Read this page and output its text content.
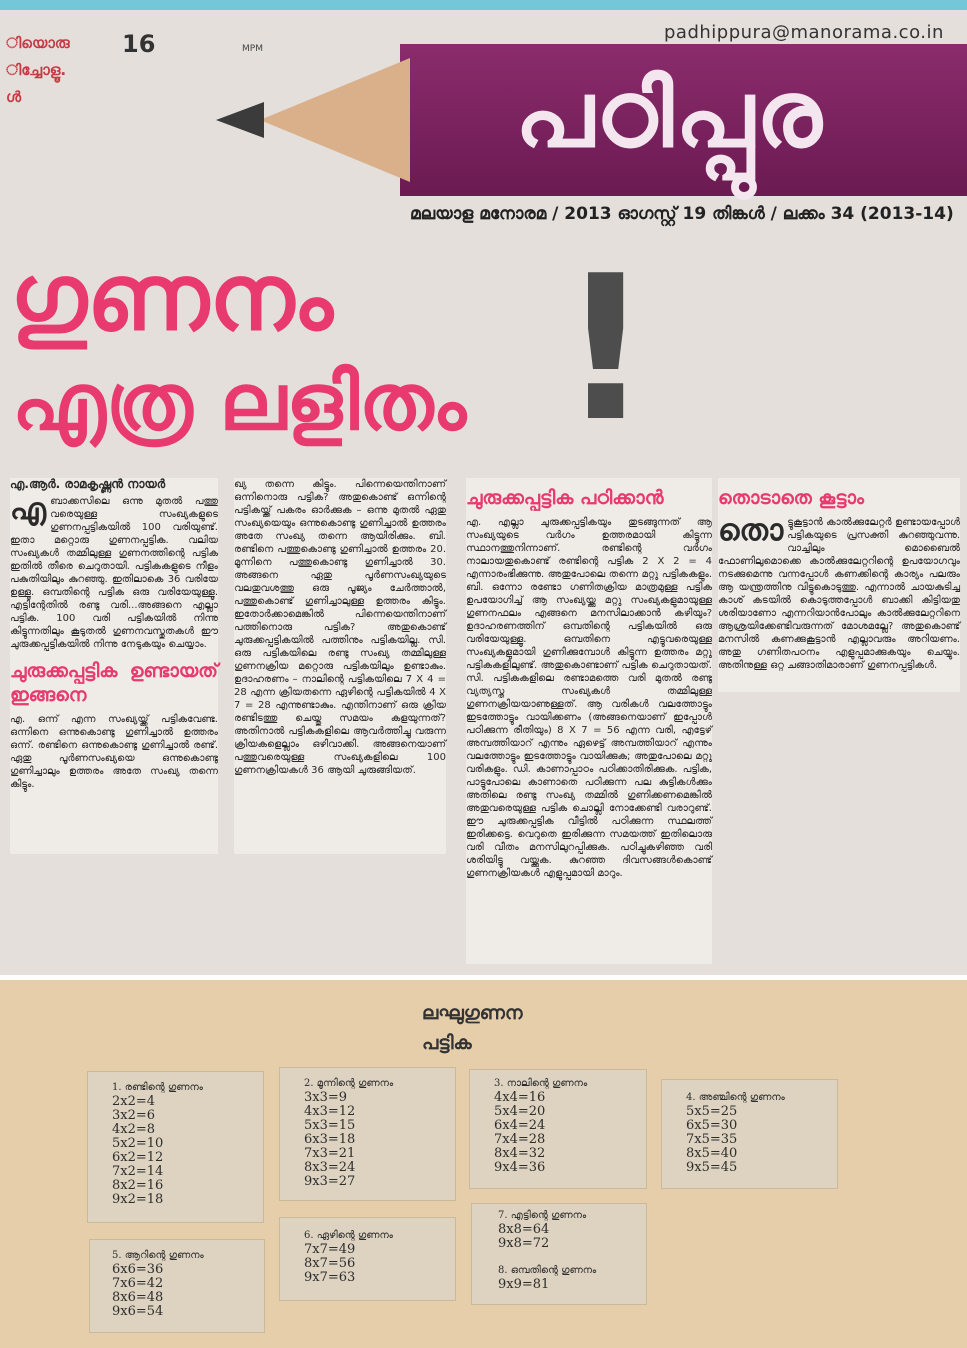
ിയൊരു
ിച്ചോളൂ.
ൾ
16	MPM
padhippura@manorama.co.in
പഠിപ്പുര
മലയാള മനോരമ / 2013 ഓഗസ്റ്റ് 19 തിങ്കൾ / ലക്കം 34 (2013-14)
ഗുണനം
എത്ര ലളിതം !
എ.ആർ. രാമകൃഷ്ണൻ നായർ
എ ബാക്കസിലെ ഒന്നു മുതൽ പത്തു വരെയുള്ള സംഖ്യകളുടെ ഗുണനപ്പട്ടികയിൽ 100 വരിയുണ്ട്. ഇതാ മറ്റൊരു ഗുണനപ്പട്ടിക. വലിയ സംഖ്യകൾ തമ്മിലുള്ള ഗുണനത്തിന്റെ പട്ടിക ഇതിൽ തീരെ ചെറുതായി. പട്ടികകളുടെ നീളം പകുതിയിലും കുറഞ്ഞു. ഇതിലാകെ 36 വരിയേ ഉള്ളൂ. ഒമ്പതിന്റെ പട്ടിക ഒരു വരിയേയുള്ളൂ. എട്ടിന്റേതിൽ രണ്ടു വരി...അങ്ങനെ എല്ലാ പട്ടിക. 100 വരി പട്ടികയിൽ നിന്നു കിട്ടുന്നതിലും കൂടുതൽ ഗുണനവസ്തുതകൾ ഈ ചുരുക്കപ്പട്ടികയിൽ നിന്നു നേടുകയും ചെയ്യാം.
ചുരുക്കപ്പട്ടിക ഉണ്ടായത് ഇങ്ങനെ
എ. ഒന്ന് എന്ന സംഖ്യയ്ക്ക് പട്ടികവേണ്ട. ഒന്നിനെ ഒന്നുകൊണ്ടു ഗുണിച്ചാൽ ഉത്തരം ഒന്ന്. രണ്ടിനെ ഒന്നുകൊണ്ടു ഗുണിച്ചാൽ രണ്ട്. ഏതു പൂർണസംഖ്യയെ ഒന്നുകൊണ്ടു ഗുണിച്ചാലും ഉത്തരം അതേ സംഖ്യ തന്നെ കിട്ടും.
ഖ്യ തന്നെ കിട്ടും. പിന്നെയെന്തിനാണ് ഒന്നിനൊരു പട്ടിക? അതുകൊണ്ട് ഒന്നിന്റെ പട്ടികയ്ക്ക് പകരം ഓർക്കുക – ഒന്നു മുതൽ ഏതു സംഖ്യയെയും ഒന്നുകൊണ്ടു ഗുണിച്ചാൽ ഉത്തരം അതേ സംഖ്യ തന്നെ ആയിരിക്കും. ബി. രണ്ടിനെ പത്തുകൊണ്ടു ഗുണിച്ചാൽ ഉത്തരം 20. മൂന്നിനെ പത്തുകൊണ്ടു ഗുണിച്ചാൽ 30. അങ്ങനെ ഏതു പൂർണസംഖ്യയുടെ വലതുവശത്തു ഒരു പൂജ്യം ചേർത്താൽ, പത്തുകൊണ്ട് ഗുണിച്ചാലുള്ള ഉത്തരം കിട്ടും. ഇതോർക്കാമെങ്കിൽ പിന്നെയെന്തിനാണ് പത്തിനൊരു പട്ടിക? അതുകൊണ്ട് ചുരുക്കപ്പട്ടികയിൽ പത്തിനും പട്ടികയില്ല. സി. ഒരു പട്ടികയിലെ രണ്ടു സംഖ്യ തമ്മിലുള്ള ഗുണനക്രിയ മറ്റൊരു പട്ടികയിലും ഉണ്ടാകും. ഉദാഹരണം – നാലിന്റെ പട്ടികയിലെ 7 X 4 = 28 എന്ന ക്രിയതന്നെ ഏഴിന്റെ പട്ടികയിൽ 4 X 7 = 28 എന്നുണ്ടാകും. എന്തിനാണ് ഒരു ക്രിയ രണ്ടിടത്തു ചെയ്തു സമയം കളയുന്നത്? അതിനാൽ പട്ടികകളിലെ ആവർത്തിച്ചു വരുന്ന ക്രിയകളെല്ലാം ഒഴിവാക്കി. അങ്ങനെയാണ് പത്തുവരെയുള്ള സംഖ്യകളിലെ 100 ഗുണനക്രിയകൾ 36 ആയി ചുരുങ്ങിയത്.
ചുരുക്കപ്പട്ടിക പഠിക്കാൻ
എ. എല്ലാ ചുരുക്കപ്പട്ടികയും തുടങ്ങുന്നത് ആ സംഖ്യയുടെ വർഗം ഉത്തരമായി കിട്ടുന്ന സ്ഥാനത്തുനിന്നാണ്. രണ്ടിന്റെ വർഗം നാലായതുകൊണ്ട് രണ്ടിന്റെ പട്ടിക 2 X 2 = 4 എന്നാരംഭിക്കുന്നു. അതുപോലെ തന്നെ മറ്റു പട്ടികകളും. ബി. ഒന്നോ രണ്ടോ ഗണിതക്രിയ മാത്രമുള്ള പട്ടിക ഉപയോഗിച്ച് ആ സംഖ്യയ്ക്കു മറ്റു സംഖ്യകളുമായുള്ള ഗുണനഫലം എങ്ങനെ മനസിലാക്കാൻ കഴിയും? ഉദാഹരണത്തിന് ഒമ്പതിന്റെ പട്ടികയിൽ ഒരു വരിയേയുള്ളൂ. ഒമ്പതിനെ എട്ടുവരെയുള്ള സംഖ്യകളുമായി ഗുണിക്കുമ്പോൾ കിട്ടുന്ന ഉത്തരം മറ്റു പട്ടികകളിലുണ്ട്. അതുകൊണ്ടാണ് പട്ടിക ചെറുതായത്. സി. പട്ടികകളിലെ രണ്ടാമത്തെ വരി മുതൽ രണ്ടു വ്യത്യസ്ത സംഖ്യകൾ തമ്മിലുള്ള ഗുണനക്രിയയാണുള്ളത്. ആ വരികൾ വലത്തോട്ടും ഇടത്തോട്ടും വായിക്കണം (അങ്ങനെയാണ് ഇപ്പോൾ പഠിക്കുന്ന രീതിയും) 8 X 7 = 56 എന്ന വരി, എട്ടേഴ് അമ്പത്തിയാറ് എന്നും ഏഴെട്ട് അമ്പത്തിയാറ് എന്നും വലത്തോട്ടും ഇടത്തോട്ടും വായിക്കുക; അതുപോലെ മറ്റു വരികളും. ഡി. കാണാപ്പാഠം പഠിക്കാതിരിക്കുക. പട്ടിക, പാട്ടുപോലെ കാണാതെ പഠിക്കുന്ന പല കുട്ടികൾക്കും അതിലെ രണ്ടു സംഖ്യ തമ്മിൽ ഗുണിക്കണമെങ്കിൽ അതുവരെയുള്ള പട്ടിക ചൊല്ലി നോക്കേണ്ടി വരാറുണ്ട്. ഈ ചുരുക്കപ്പട്ടിക വീട്ടിൽ പഠിക്കുന്ന സ്ഥലത്ത് ഇരിക്കട്ടെ. വെറുതെ ഇരിക്കുന്ന സമയത്ത് ഇതിലൊരു വരി വീതം മനസിലുറപ്പിക്കുക. പഠിച്ചുകഴിഞ്ഞ വരി ശരിയിട്ടു വയ്ക്കുക. കുറഞ്ഞ ദിവസങ്ങൾകൊണ്ട് ഗുണനക്രിയകൾ എളുപ്പമായി മാറും.
തൊടാതെ കൂട്ടാം
തൊ ട്ടുകൂട്ടാൻ കാൽക്കുലേറ്റർ ഉണ്ടായപ്പോൾ പട്ടികയുടെ പ്രസക്തി കുറഞ്ഞുവന്നു. വാച്ചിലും മൊബൈൽ ഫോണിലുമൊക്കെ കാൽക്കുലേറ്ററിന്റെ ഉപയോഗവും നടക്കുമെന്നു വന്നപ്പോൾ കണക്കിന്റെ കാര്യം പലരും ആ യന്ത്രത്തിനു വിട്ടുകൊടുത്തു. എന്നാൽ ചായകുടിച്ച കാശ് കടയിൽ കൊടുത്തപ്പോൾ ബാക്കി കിട്ടിയതു ശരിയാണോ എന്നറിയാൻപോലും കാൽക്കുലേറ്ററിനെ ആശ്രയിക്കേണ്ടിവരുന്നത് മോശമല്ലേ? അതുകൊണ്ട് മനസിൽ കണക്കുകൂട്ടാൻ എല്ലാവരും അറിയണം. അതു ഗണിതപഠനം എളുപ്പമാക്കുകയും ചെയ്യും. അതിനുള്ള ഒറ്റ ചങ്ങാതിമാരാണ് ഗുണനപ്പട്ടികൾ.
ലഘുഗുണന
പട്ടിക
1. രണ്ടിന്റെ ഗുണനം
2x2=4
3x2=6
4x2=8
5x2=10
6x2=12
7x2=14
8x2=16
9x2=18
2. മൂന്നിന്റെ ഗുണനം
3x3=9
4x3=12
5x3=15
6x3=18
7x3=21
8x3=24
9x3=27
3. നാലിന്റെ ഗുണനം
4x4=16
5x4=20
6x4=24
7x4=28
8x4=32
9x4=36
4. അഞ്ചിന്റെ ഗുണനം
5x5=25
6x5=30
7x5=35
8x5=40
9x5=45
5. ആറിന്റെ ഗുണനം
6x6=36
7x6=42
8x6=48
9x6=54
6. ഏഴിന്റെ ഗുണനം
7x7=49
8x7=56
9x7=63
7. എട്ടിന്റെ ഗുണനം
8x8=64
9x8=72
8. ഒമ്പതിന്റെ ഗുണനം
9x9=81
